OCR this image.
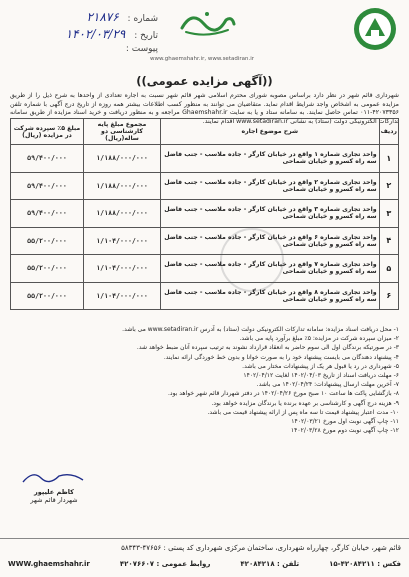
شماره : ۲۱۸۷۶
تاریخ : ۱۴۰۲/۰۳/۲۹
پیوست :
www.ghaemshahr.ir, www.setadiran.ir
((آگهی مزایده عمومی))
شهرداری قائم شهر در نظر دارد براساس مصوبه شورای محترم اسلامی شهر قائم شهر نسبت به اجاره تعدادی از واحدها به شرح ذیل را از طریق مزایده عمومی به اشخاص واجد شرایط اقدام نماید. متقاضیان می توانند به منظور کسب اطلاعات بیشتر همه روزه از تاریخ درج آگهی با شماره تلفن ۴۲۰۷۳۳۵۶-۰۱۱ تماس حاصل نمایند. به سامانه ستاد و یا به سایت Ghaemshahr.ir مراجعه و به منظور دریافت و خرید اسناد مزایده از طریق سامانه تدارکات الکترونیکی دولت (ستاد) به نشانی www.setadiran.ir اقدام نمایند.
ردیف	شرح موضوع اجاره	مجموع مبلغ پایه کارشناسی دو ساله(ریال)	مبلغ ۵٪ سپرده شرکت در مزایده (ریال)
۱	واحد تجاری شماره ۱ واقع در خیابان کارگر - جاده ملاسب - جنب فاضل سه راه کسرو و خیابان شماحی	۱/۱۸۸/۰۰۰/۰۰۰	۵۹/۴۰۰/۰۰۰
۲	واحد تجاری شماره ۲ واقع در خیابان کارگر - جاده ملاسب - جنب فاضل سه راه کسرو و خیابان شماحی	۱/۱۸۸/۰۰۰/۰۰۰	۵۹/۴۰۰/۰۰۰
۳	واحد تجاری شماره ۳ واقع در خیابان کارگر - جاده ملاسب - جنب فاضل سه راه کسرو و خیابان شماحی	۱/۱۸۸/۰۰۰/۰۰۰	۵۹/۴۰۰/۰۰۰
۴	واحد تجاری شماره ۶ واقع در خیابان کارگر - جاده ملاسب - جنب فاضل سه راه کسرو و خیابان شماحی	۱/۱۰۴/۰۰۰/۰۰۰	۵۵/۲۰۰/۰۰۰
۵	واحد تجاری شماره ۷ واقع در خیابان کارگر - جاده ملاسب - جنب فاضل سه راه کسرو و خیابان شماحی	۱/۱۰۴/۰۰۰/۰۰۰	۵۵/۲۰۰/۰۰۰
۶	واحد تجاری شماره ۸ واقع در خیابان کارگر - جاده ملاسب - جنب فاضل سه راه کسرو و خیابان شماحی	۱/۱۰۴/۰۰۰/۰۰۰	۵۵/۲۰۰/۰۰۰

۱- محل دریافت اسناد مزایده: سامانه تدارکات الکترونیکی دولت (ستاد) به آدرس www.setadiran.ir می باشد.

۲- میزان سپرده شرکت در مزایده: ۵٪ مبلغ برآورد پایه می باشد.

۳- در صورتیکه برندگان اول الی سوم حاضر به انعقاد قرارداد نشوند به ترتیب سپرده آنان ضبط خواهد شد.

۴- پیشنهاد دهندگان می بایست پیشنهاد خود را به صورت خوانا و بدون خط خوردگی ارائه نمایند.

۵- شهرداری در رد یا قبول هر یک از پیشنهادات مختار می باشد.

۶- مهلت دریافت اسناد از تاریخ ۱۴۰۲/۰۴/۰۳ لغایت ۱۴۰۲/۰۴/۱۲

۷- آخرین مهلت ارسال پیشنهادات: ۱۴۰۲/۰۴/۲۴ می باشد.

۸- بازگشایی پاکت ها ساعت ۱۰ صبح مورخ ۱۴۰۲/۰۴/۲۶ در دفتر شهردار قائم شهر خواهد بود.

۹- هزینه درج آگهی و کارشناسی بر عهده برنده یا برندگان مزایده خواهد بود.

۱۰- مدت اعتبار پیشنهاد قیمت تا سه ماه پس از ارائه پیشنهاد قیمت می باشد.

۱۱- چاپ آگهی نوبت اول مورخ ۱۴۰۲/۰۳/۲۱

۱۲- چاپ آگهی نوبت دوم مورخ ۱۴۰۲/۰۳/۲۸

کاظم علیپور
شهردار قائم شهر
قائم شهر، خیابان کارگر، چهارراه شهرداری، ساختمان مرکزی شهرداری کد پستی : ۴۷۶۵۶-۵۸۳۴۳
فکس : ۴۲۰۸۴۲۱۱-۱۵
تلفن : ۴۲۰۸۴۲۱۸
روابط عمومی : ۴۲۰۷۶۶۰۷
WWW.ghaemshahr.ir
